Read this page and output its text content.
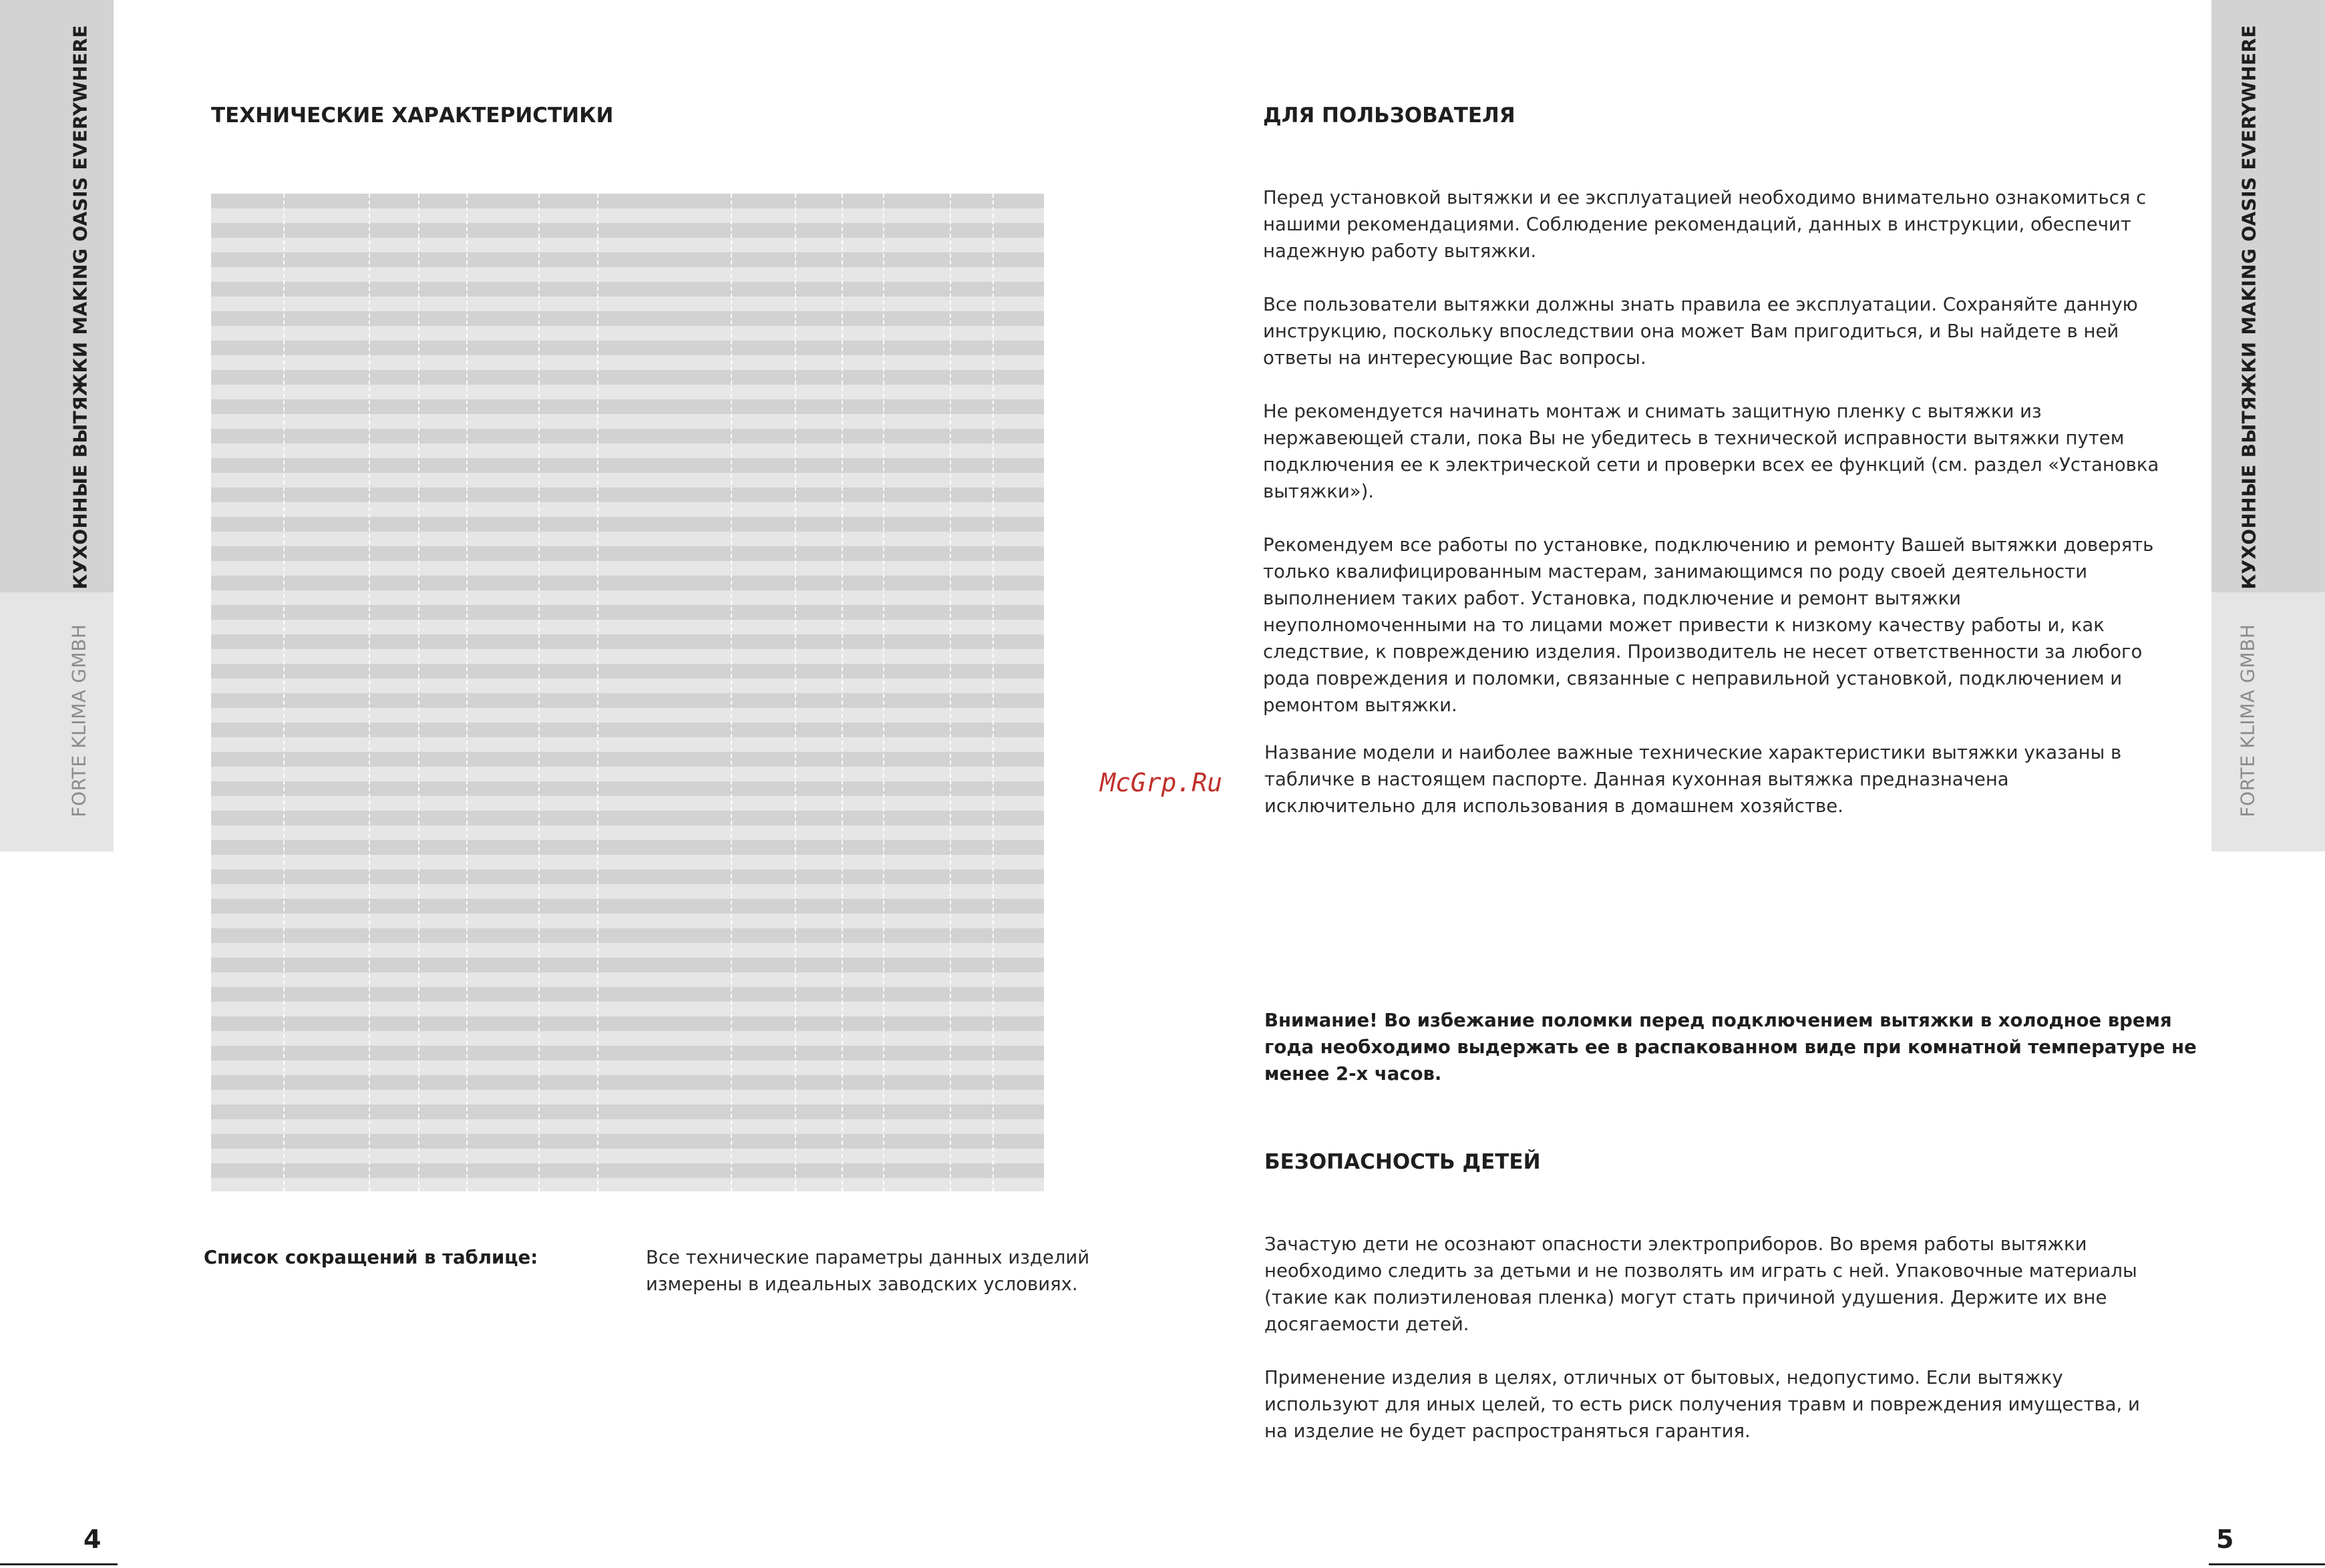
КУХОННЫЕ ВЫТЯЖКИ MAKING OASIS EVERYWHERE
FORTE KLIMA GMBH
КУХОННЫЕ ВЫТЯЖКИ MAKING OASIS EVERYWHERE
FORTE KLIMA GMBH
ТЕХНИЧЕСКИЕ ХАРАКТЕРИСТИКИ
Список сокращений в таблице:	Все технические параметры данных изделий
измерены в идеальных заводских условиях.
4
McGrp.Ru
ДЛЯ ПОЛЬЗОВАТЕЛЯ
Перед установкой вытяжки и ее эксплуатацией необходимо внимательно ознакомиться с
нашими рекомендациями. Соблюдение рекомендаций, данных в инструкции, обеспечит
надежную работу вытяжки.
Все пользователи вытяжки должны знать правила ее эксплуатации. Сохраняйте данную
инструкцию, поскольку впоследствии она может Вам пригодиться, и Вы найдете в ней
ответы на интересующие Вас вопросы.
Не рекомендуется начинать монтаж и снимать защитную пленку с вытяжки из
нержавеющей стали, пока Вы не убедитесь в технической исправности вытяжки путем
подключения ее к электрической сети и проверки всех ее функций (см. раздел «Установка
вытяжки»).
Рекомендуем все работы по установке, подключению и ремонту Вашей вытяжки доверять
только квалифицированным мастерам, занимающимся по роду своей деятельности
выполнением таких работ. Установка, подключение и ремонт вытяжки
неуполномоченными на то лицами может привести к низкому качеству работы и, как
следствие, к повреждению изделия. Производитель не несет ответственности за любого
рода повреждения и поломки, связанные с неправильной установкой, подключением и
ремонтом вытяжки.
Название модели и наиболее важные технические характеристики вытяжки указаны в
табличке в настоящем паспорте. Данная кухонная вытяжка предназначена
исключительно для использования в домашнем хозяйстве.
Внимание! Во избежание поломки перед подключением вытяжки в холодное время
года необходимо выдержать ее в распакованном виде при комнатной температуре не
менее 2-х часов.
БЕЗОПАСНОСТЬ ДЕТЕЙ
Зачастую дети не осознают опасности электроприборов. Во время работы вытяжки
необходимо следить за детьми и не позволять им играть с ней. Упаковочные материалы
(такие как полиэтиленовая пленка) могут стать причиной удушения. Держите их вне
досягаемости детей.
Применение изделия в целях, отличных от бытовых, недопустимо. Если вытяжку
используют для иных целей, то есть риск получения травм и повреждения имущества, и
на изделие не будет распространяться гарантия.
5
